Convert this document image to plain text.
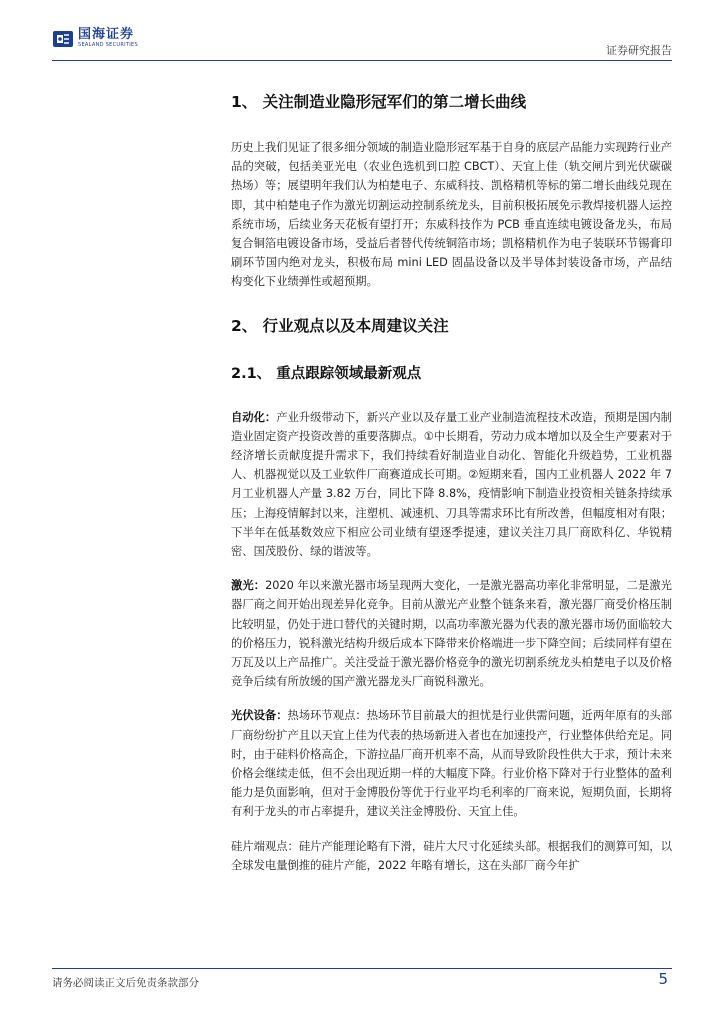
国海证券
SEALAND SECURITIES	证券研究报告
1、 关注制造业隐形冠军们的第二增长曲线

历史上我们见证了很多细分领域的制造业隐形冠军基于自身的底层产品能力实现跨行业产品的突破，包括美亚光电（农业色选机到口腔 CBCT）、天宜上佳（轨交闸片到光伏碳碳热场）等；展望明年我们认为柏楚电子、东威科技、凯格精机等标的第二增长曲线兑现在即，其中柏楚电子作为激光切割运动控制系统龙头，目前积极拓展免示教焊接机器人运控系统市场，后续业务天花板有望打开；东威科技作为 PCB 垂直连续电镀设备龙头，布局复合铜箔电镀设备市场，受益后者替代传统铜箔市场；凯格精机作为电子装联环节锡膏印刷环节国内绝对龙头，积极布局 mini LED 固晶设备以及半导体封装设备市场，产品结构变化下业绩弹性或超预期。

2、 行业观点以及本周建议关注
2.1、 重点跟踪领域最新观点

自动化：产业升级带动下，新兴产业以及存量工业产业制造流程技术改造，预期是国内制造业固定资产投资改善的重要落脚点。①中长期看，劳动力成本增加以及全生产要素对于经济增长贡献度提升需求下，我们持续看好制造业自动化、智能化升级趋势，工业机器人、机器视觉以及工业软件厂商赛道成长可期。②短期来看，国内工业机器人 2022 年 7 月工业机器人产量 3.82 万台，同比下降 8.8%，疫情影响下制造业投资相关链条持续承压；上海疫情解封以来，注塑机、减速机、刀具等需求环比有所改善，但幅度相对有限；下半年在低基数效应下相应公司业绩有望逐季提速，建议关注刀具厂商欧科亿、华锐精密、国茂股份、绿的谐波等。

激光：2020 年以来激光器市场呈现两大变化，一是激光器高功率化非常明显，二是激光器厂商之间开始出现差异化竞争。目前从激光产业整个链条来看，激光器厂商受价格压制比较明显，仍处于进口替代的关键时期，以高功率激光器为代表的激光器市场仍面临较大的价格压力，锐科激光结构升级后成本下降带来价格端进一步下降空间；后续同样有望在万瓦及以上产品推广。关注受益于激光器价格竞争的激光切割系统龙头柏楚电子以及价格竞争后续有所放缓的国产激光器龙头厂商锐科激光。

光伏设备：热场环节观点：热场环节目前最大的担忧是行业供需问题，近两年原有的头部厂商纷纷扩产且以天宜上佳为代表的热场新进入者也在加速投产，行业整体供给充足。同时，由于硅料价格高企，下游拉晶厂商开机率不高，从而导致阶段性供大于求，预计未来价格会继续走低，但不会出现近期一样的大幅度下降。行业价格下降对于行业整体的盈利能力是负面影响，但对于金博股份等优于行业平均毛利率的厂商来说，短期负面，长期将有利于龙头的市占率提升，建议关注金博股份、天宜上佳。

硅片端观点：硅片产能理论略有下滑，硅片大尺寸化延续头部。根据我们的测算可知，以全球发电量倒推的硅片产能，2022 年略有增长，这在头部厂商今年扩

请务必阅读正文后免责条款部分	5
